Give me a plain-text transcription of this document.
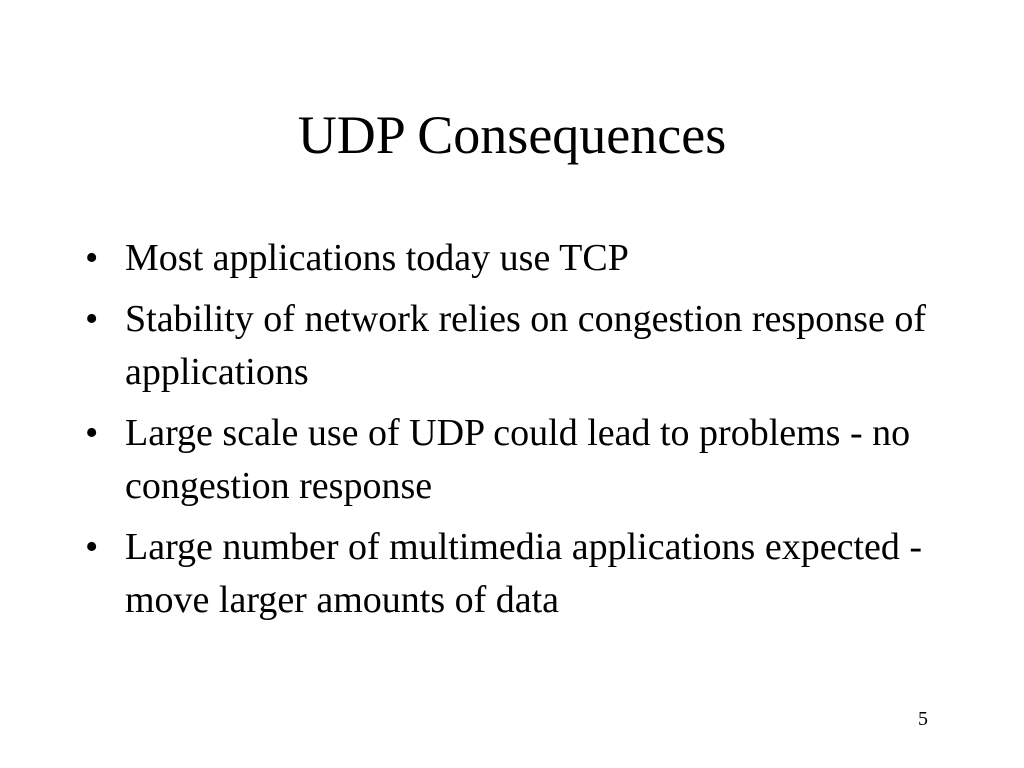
UDP Consequences
• Most applications today use TCP
• Stability of network relies on congestion response of applications
• Large scale use of UDP could lead to problems - no congestion response
• Large number of multimedia applications expected - move larger amounts of data
5
